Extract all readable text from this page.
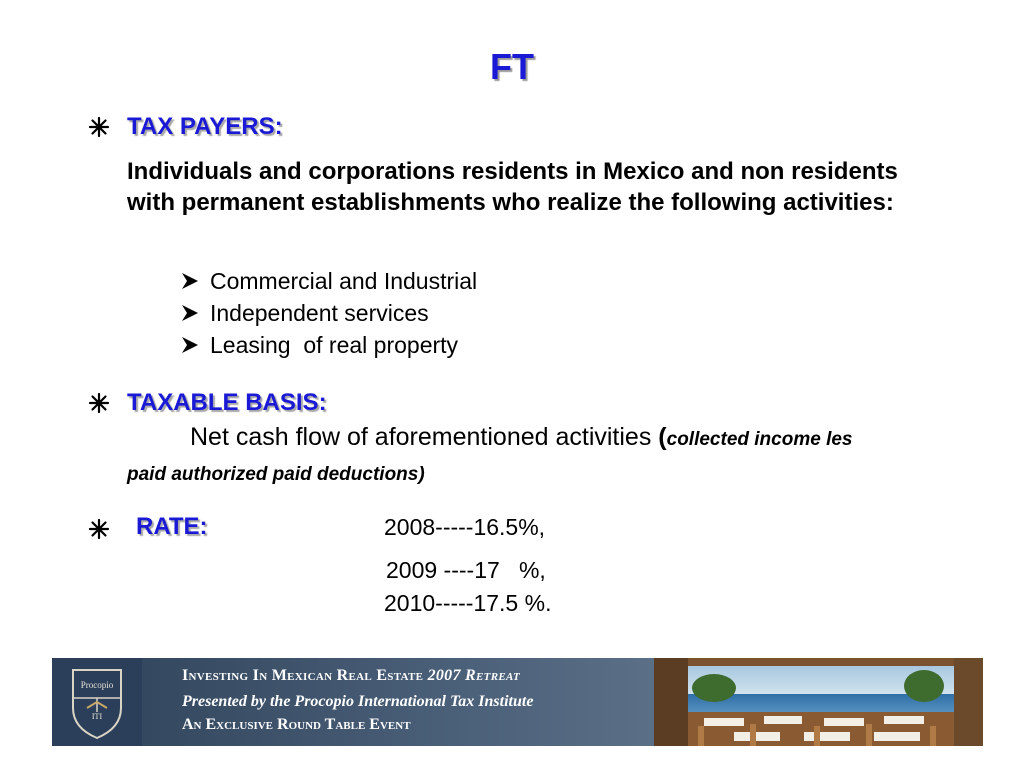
FT
TAX PAYERS:
Individuals and corporations residents in Mexico and non residents with permanent establishments who realize the following activities:
Commercial and Industrial
Independent services
Leasing  of real property
TAXABLE BASIS:
Net cash flow of aforementioned activities (collected income les
paid authorized paid deductions)
RATE:	2008-----16.5%,
2009 ----17   %,
2010-----17.5 %.
Procopio
ITI
Investing In Mexican Real Estate 2007 Retreat
Presented by the Procopio International Tax Institute
An Exclusive Round Table Event
